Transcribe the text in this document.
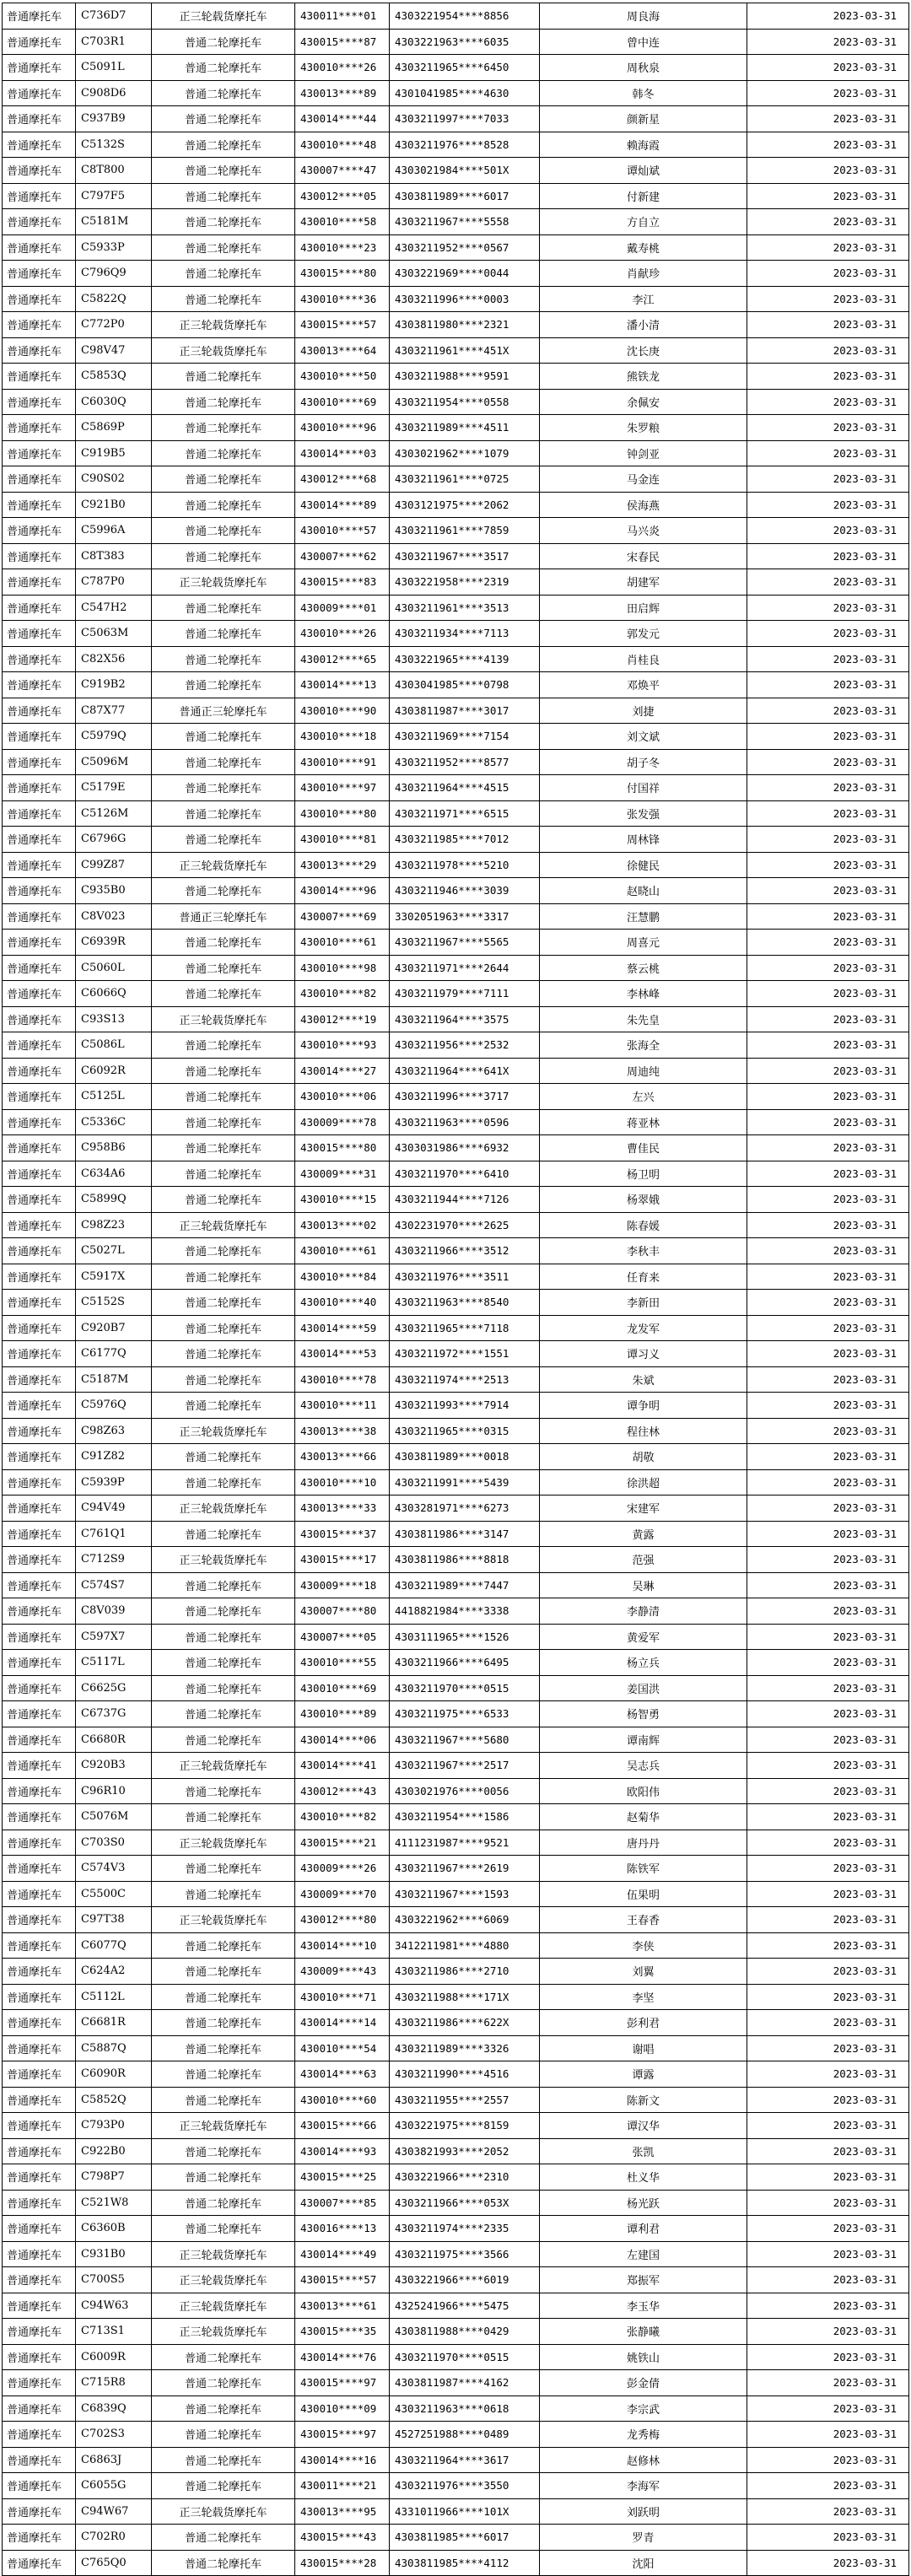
普通摩托车	C736D7	正三轮载货摩托车	430011****01	4303221954****8856	周良海	2023-03-31
普通摩托车	C703R1	普通二轮摩托车	430015****87	4303221963****6035	曾中连	2023-03-31
普通摩托车	C5091L	普通二轮摩托车	430010****26	4303211965****6450	周秋泉	2023-03-31
普通摩托车	C908D6	普通二轮摩托车	430013****89	4301041985****4630	韩冬	2023-03-31
普通摩托车	C937B9	普通二轮摩托车	430014****44	4303211997****7033	颜新星	2023-03-31
普通摩托车	C5132S	普通二轮摩托车	430010****48	4303211976****8528	赖海霞	2023-03-31
普通摩托车	C8T800	普通二轮摩托车	430007****47	4303021984****501X	谭灿斌	2023-03-31
普通摩托车	C797F5	普通二轮摩托车	430012****05	4303811989****6017	付新建	2023-03-31
普通摩托车	C5181M	普通二轮摩托车	430010****58	4303211967****5558	方自立	2023-03-31
普通摩托车	C5933P	普通二轮摩托车	430010****23	4303211952****0567	戴寿桃	2023-03-31
普通摩托车	C796Q9	普通二轮摩托车	430015****80	4303221969****0044	肖献珍	2023-03-31
普通摩托车	C5822Q	普通二轮摩托车	430010****36	4303211996****0003	李江	2023-03-31
普通摩托车	C772P0	正三轮载货摩托车	430015****57	4303811980****2321	潘小清	2023-03-31
普通摩托车	C98V47	正三轮载货摩托车	430013****64	4303211961****451X	沈长庚	2023-03-31
普通摩托车	C5853Q	普通二轮摩托车	430010****50	4303211988****9591	熊铁龙	2023-03-31
普通摩托车	C6030Q	普通二轮摩托车	430010****69	4303211954****0558	余佩安	2023-03-31
普通摩托车	C5869P	普通二轮摩托车	430010****96	4303211989****4511	朱罗粮	2023-03-31
普通摩托车	C919B5	普通二轮摩托车	430014****03	4303021962****1079	钟剑亚	2023-03-31
普通摩托车	C90S02	普通二轮摩托车	430012****68	4303211961****0725	马金连	2023-03-31
普通摩托车	C921B0	普通二轮摩托车	430014****89	4303121975****2062	侯海燕	2023-03-31
普通摩托车	C5996A	普通二轮摩托车	430010****57	4303211961****7859	马兴炎	2023-03-31
普通摩托车	C8T383	普通二轮摩托车	430007****62	4303211967****3517	宋春民	2023-03-31
普通摩托车	C787P0	正三轮载货摩托车	430015****83	4303221958****2319	胡建军	2023-03-31
普通摩托车	C547H2	普通二轮摩托车	430009****01	4303211961****3513	田启辉	2023-03-31
普通摩托车	C5063M	普通二轮摩托车	430010****26	4303211934****7113	郭发元	2023-03-31
普通摩托车	C82X56	普通二轮摩托车	430012****65	4303221965****4139	肖桂良	2023-03-31
普通摩托车	C919B2	普通二轮摩托车	430014****13	4303041985****0798	邓焕平	2023-03-31
普通摩托车	C87X77	普通正三轮摩托车	430010****90	4303811987****3017	刘捷	2023-03-31
普通摩托车	C5979Q	普通二轮摩托车	430010****18	4303211969****7154	刘文斌	2023-03-31
普通摩托车	C5096M	普通二轮摩托车	430010****91	4303211952****8577	胡子冬	2023-03-31
普通摩托车	C5179E	普通二轮摩托车	430010****97	4303211964****4515	付国祥	2023-03-31
普通摩托车	C5126M	普通二轮摩托车	430010****80	4303211971****6515	张发强	2023-03-31
普通摩托车	C6796G	普通二轮摩托车	430010****81	4303211985****7012	周林锋	2023-03-31
普通摩托车	C99Z87	正三轮载货摩托车	430013****29	4303211978****5210	徐健民	2023-03-31
普通摩托车	C935B0	普通二轮摩托车	430014****96	4303211946****3039	赵晓山	2023-03-31
普通摩托车	C8V023	普通正三轮摩托车	430007****69	3302051963****3317	汪慧鹏	2023-03-31
普通摩托车	C6939R	普通二轮摩托车	430010****61	4303211967****5565	周喜元	2023-03-31
普通摩托车	C5060L	普通二轮摩托车	430010****98	4303211971****2644	蔡云桃	2023-03-31
普通摩托车	C6066Q	普通二轮摩托车	430010****82	4303211979****7111	李林峰	2023-03-31
普通摩托车	C93S13	正三轮载货摩托车	430012****19	4303211964****3575	朱先皇	2023-03-31
普通摩托车	C5086L	普通二轮摩托车	430010****93	4303211956****2532	张海全	2023-03-31
普通摩托车	C6092R	普通二轮摩托车	430014****27	4303211964****641X	周迪纯	2023-03-31
普通摩托车	C5125L	普通二轮摩托车	430010****06	4303211996****3717	左兴	2023-03-31
普通摩托车	C5336C	普通二轮摩托车	430009****78	4303211963****0596	蒋亚林	2023-03-31
普通摩托车	C958B6	普通二轮摩托车	430015****80	4303031986****6932	曹佳民	2023-03-31
普通摩托车	C634A6	普通二轮摩托车	430009****31	4303211970****6410	杨卫明	2023-03-31
普通摩托车	C5899Q	普通二轮摩托车	430010****15	4303211944****7126	杨翠娥	2023-03-31
普通摩托车	C98Z23	正三轮载货摩托车	430013****02	4302231970****2625	陈春媛	2023-03-31
普通摩托车	C5027L	普通二轮摩托车	430010****61	4303211966****3512	李秋丰	2023-03-31
普通摩托车	C5917X	普通二轮摩托车	430010****84	4303211976****3511	任育来	2023-03-31
普通摩托车	C5152S	普通二轮摩托车	430010****40	4303211963****8540	李新田	2023-03-31
普通摩托车	C920B7	普通二轮摩托车	430014****59	4303211965****7118	龙发军	2023-03-31
普通摩托车	C6177Q	普通二轮摩托车	430014****53	4303211972****1551	谭习义	2023-03-31
普通摩托车	C5187M	普通二轮摩托车	430010****78	4303211974****2513	朱斌	2023-03-31
普通摩托车	C5976Q	普通二轮摩托车	430010****11	4303211993****7914	谭争明	2023-03-31
普通摩托车	C98Z63	正三轮载货摩托车	430013****38	4303211965****0315	程往林	2023-03-31
普通摩托车	C91Z82	普通二轮摩托车	430013****66	4303811989****0018	胡敬	2023-03-31
普通摩托车	C5939P	普通二轮摩托车	430010****10	4303211991****5439	徐洪超	2023-03-31
普通摩托车	C94V49	正三轮载货摩托车	430013****33	4303281971****6273	宋建军	2023-03-31
普通摩托车	C761Q1	普通二轮摩托车	430015****37	4303811986****3147	黄露	2023-03-31
普通摩托车	C712S9	正三轮载货摩托车	430015****17	4303811986****8818	范强	2023-03-31
普通摩托车	C574S7	普通二轮摩托车	430009****18	4303211989****7447	吴琳	2023-03-31
普通摩托车	C8V039	普通二轮摩托车	430007****80	4418821984****3338	李静清	2023-03-31
普通摩托车	C597X7	普通二轮摩托车	430007****05	4303111965****1526	黄爱军	2023-03-31
普通摩托车	C5117L	普通二轮摩托车	430010****55	4303211966****6495	杨立兵	2023-03-31
普通摩托车	C6625G	普通二轮摩托车	430010****69	4303211970****0515	姜国洪	2023-03-31
普通摩托车	C6737G	普通二轮摩托车	430010****89	4303211975****6533	杨智勇	2023-03-31
普通摩托车	C6680R	普通二轮摩托车	430014****06	4303211967****5680	谭南辉	2023-03-31
普通摩托车	C920B3	正三轮载货摩托车	430014****41	4303211967****2517	吴志兵	2023-03-31
普通摩托车	C96R10	普通二轮摩托车	430012****43	4303021976****0056	欧阳伟	2023-03-31
普通摩托车	C5076M	普通二轮摩托车	430010****82	4303211954****1586	赵菊华	2023-03-31
普通摩托车	C703S0	正三轮载货摩托车	430015****21	4111231987****9521	唐丹丹	2023-03-31
普通摩托车	C574V3	普通二轮摩托车	430009****26	4303211967****2619	陈铁军	2023-03-31
普通摩托车	C5500C	普通二轮摩托车	430009****70	4303211967****1593	伍果明	2023-03-31
普通摩托车	C97T38	正三轮载货摩托车	430012****80	4303221962****6069	王春香	2023-03-31
普通摩托车	C6077Q	普通二轮摩托车	430014****10	3412211981****4880	李侠	2023-03-31
普通摩托车	C624A2	普通二轮摩托车	430009****43	4303211986****2710	刘翼	2023-03-31
普通摩托车	C5112L	普通二轮摩托车	430010****71	4303211988****171X	李坚	2023-03-31
普通摩托车	C6681R	普通二轮摩托车	430014****14	4303211986****622X	彭利君	2023-03-31
普通摩托车	C5887Q	普通二轮摩托车	430010****54	4303211989****3326	谢唱	2023-03-31
普通摩托车	C6090R	普通二轮摩托车	430014****63	4303211990****4516	谭露	2023-03-31
普通摩托车	C5852Q	普通二轮摩托车	430010****60	4303211955****2557	陈新文	2023-03-31
普通摩托车	C793P0	正三轮载货摩托车	430015****66	4303221975****8159	谭汉华	2023-03-31
普通摩托车	C922B0	普通二轮摩托车	430014****93	4303821993****2052	张凯	2023-03-31
普通摩托车	C798P7	普通二轮摩托车	430015****25	4303221966****2310	杜义华	2023-03-31
普通摩托车	C521W8	普通二轮摩托车	430007****85	4303211966****053X	杨光跃	2023-03-31
普通摩托车	C6360B	普通二轮摩托车	430016****13	4303211974****2335	谭利君	2023-03-31
普通摩托车	C931B0	正三轮载货摩托车	430014****49	4303211975****3566	左建国	2023-03-31
普通摩托车	C700S5	正三轮载货摩托车	430015****57	4303221966****6019	郑振军	2023-03-31
普通摩托车	C94W63	正三轮载货摩托车	430013****61	4325241966****5475	李玉华	2023-03-31
普通摩托车	C713S1	正三轮载货摩托车	430015****35	4303811988****0429	张静曦	2023-03-31
普通摩托车	C6009R	普通二轮摩托车	430014****76	4303211970****0515	姚铁山	2023-03-31
普通摩托车	C715R8	普通二轮摩托车	430015****97	4303811987****4162	彭金倩	2023-03-31
普通摩托车	C6839Q	普通二轮摩托车	430010****09	4303211963****0618	李宗武	2023-03-31
普通摩托车	C702S3	普通二轮摩托车	430015****97	4527251988****0489	龙秀梅	2023-03-31
普通摩托车	C6863J	普通二轮摩托车	430014****16	4303211964****3617	赵修林	2023-03-31
普通摩托车	C6055G	普通二轮摩托车	430011****21	4303211976****3550	李海军	2023-03-31
普通摩托车	C94W67	正三轮载货摩托车	430013****95	4331011966****101X	刘跃明	2023-03-31
普通摩托车	C702R0	普通二轮摩托车	430015****43	4303811985****6017	罗青	2023-03-31
普通摩托车	C765Q0	普通二轮摩托车	430015****28	4303811985****4112	沈阳	2023-03-31
